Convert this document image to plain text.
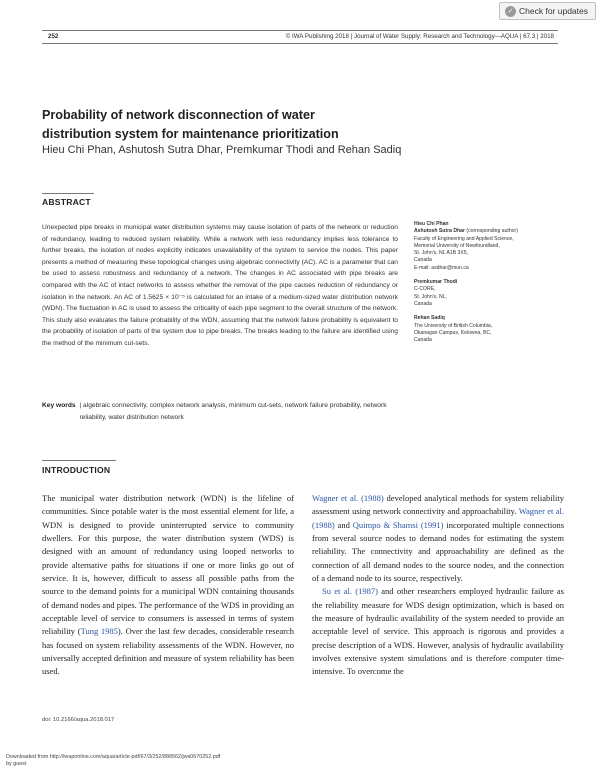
✓ Check for updates
252	© IWA Publishing 2018 | Journal of Water Supply: Research and Technology—AQUA | 67.3 | 2018
Probability of network disconnection of water
distribution system for maintenance prioritization
Hieu Chi Phan, Ashutosh Sutra Dhar, Premkumar Thodi and Rehan Sadiq
ABSTRACT
Unexpected pipe breaks in municipal water distribution systems may cause isolation of parts of the network or reduction of redundancy, leading to reduced system reliability. While a network with less redundancy implies less tolerance to further breaks, the isolation of nodes explicitly indicates unavailability of the system to service the nodes. This paper presents a method of measuring these topological changes using algebraic connectivity (AC). AC is a parameter that can be used to assess robustness and redundancy of a network. The changes in AC associated with pipe breaks are compared with the AC of intact networks to assess whether the removal of the pipe causes reduction of redundancy or isolation in the network. An AC of 1.5625 × 10⁻⁵ is calculated for an intake of a medium-sized water distribution network (WDN). The fluctuation in AC is used to assess the criticality of each pipe segment to the overall structure of the network. This study also evaluates the failure probability of the WDN, assuming that the network failure probability is equivalent to the probability of isolation of parts of the system due to pipe breaks. The breaks leading to the failure are identified using the method of the minimum cut-sets.
Key words | algebraic connectivity, complex network analysis, minimum cut-sets, network failure probability, network reliability, water distribution network
Hieu Chi Phan
Ashutosh Sutra Dhar (corresponding author)
Faculty of Engineering and Applied Science,
Memorial University of Newfoundland,
St. John's, NL A1B 3X5,
Canada
E-mail: asdhar@mun.ca
Premkumar Thodi
C-CORE,
St. John's, NL,
Canada
Rehan Sadiq
The University of British Columbia,
Okanagan Campus, Kelowna, BC,
Canada
INTRODUCTION

The municipal water distribution network (WDN) is the lifeline of communities. Since potable water is the most essential element for life, a WDN is designed to provide uninterrupted service to community dwellers. For this purpose, the water distribution system (WDS) is designed with an amount of redundancy using looped networks to provide alternative paths for situations if one or more links go out of service. It is, however, difficult to assess all possible paths from the source to the demand points for a municipal WDN containing thousands of demand nodes and pipes. The performance of the WDS in providing an acceptable level of service to consumers is assessed in terms of system reliability (Tung 1985). Over the last few decades, considerable research has focused on system reliability assessments of the WDN. However, no universally accepted definition and measure of system reliability has been used.

Wagner et al. (1988) developed analytical methods for system reliability assessment using network connectivity and approachability. Wagner et al. (1988) and Quimpo & Shamsi (1991) incorporated multiple connections from several source nodes to demand nodes for estimating the system reliability. The connectivity and approachability are defined as the connection of all demand nodes to the source nodes, and the connection of a demand node to its source, respectively.

Su et al. (1987) and other researchers employed hydraulic failure as the reliability measure for WDS design optimization, which is based on the measure of hydraulic availability of the system needed to provide an acceptable level of service. This approach is rigorous and provides a precise description of a WDS. However, analysis of hydraulic availability involves extensive system simulations and is therefore computer time-intensive. To overcome the

doi: 10.2166/aqua.2018.017
Downloaded from http://iwaponline.com/aqua/article-pdf/67/3/252/888562/jws0670252.pdf
by guest
